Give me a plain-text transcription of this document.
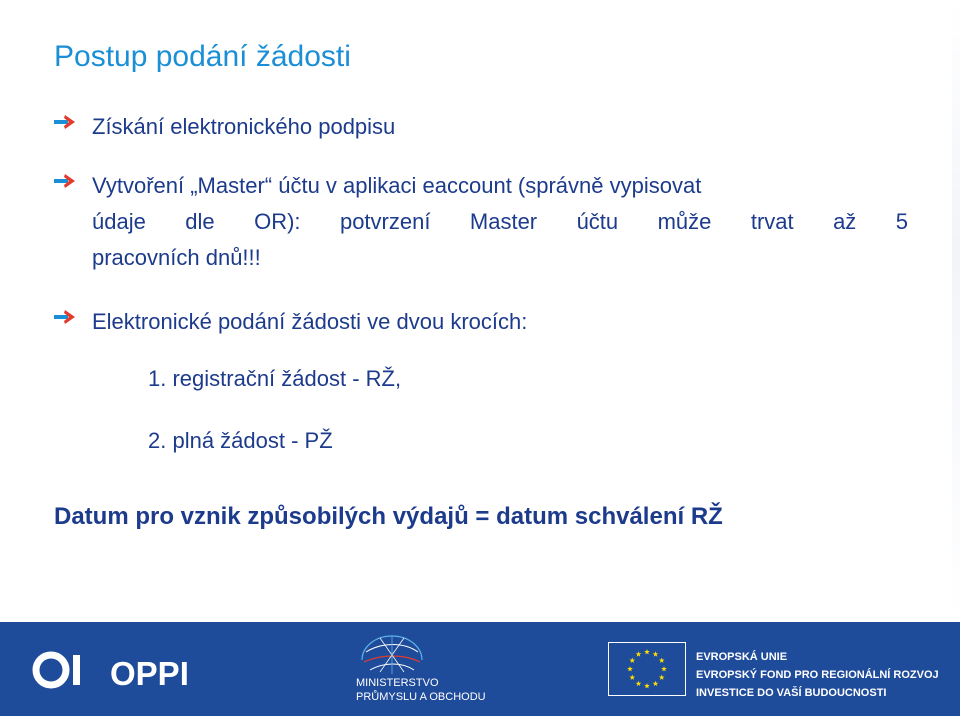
Postup podání žádosti
Získání elektronického podpisu
Vytvoření „Master“ účtu v aplikaci eaccount (správně vypisovat
údaje dle OR): potvrzení Master účtu může trvat až 5
pracovních dnů!!!
Elektronické podání žádosti ve dvou krocích:
1. registrační žádost - RŽ,
2. plná žádost - PŽ
Datum pro vznik způsobilých výdajů = datum schválení RŽ
OPPI	MINISTERSTVO
PRŮMYSLU A OBCHODU
EVROPSKÁ UNIE
EVROPSKÝ FOND PRO REGIONÁLNÍ ROZVOJ
INVESTICE DO VAŠÍ BUDOUCNOSTI
